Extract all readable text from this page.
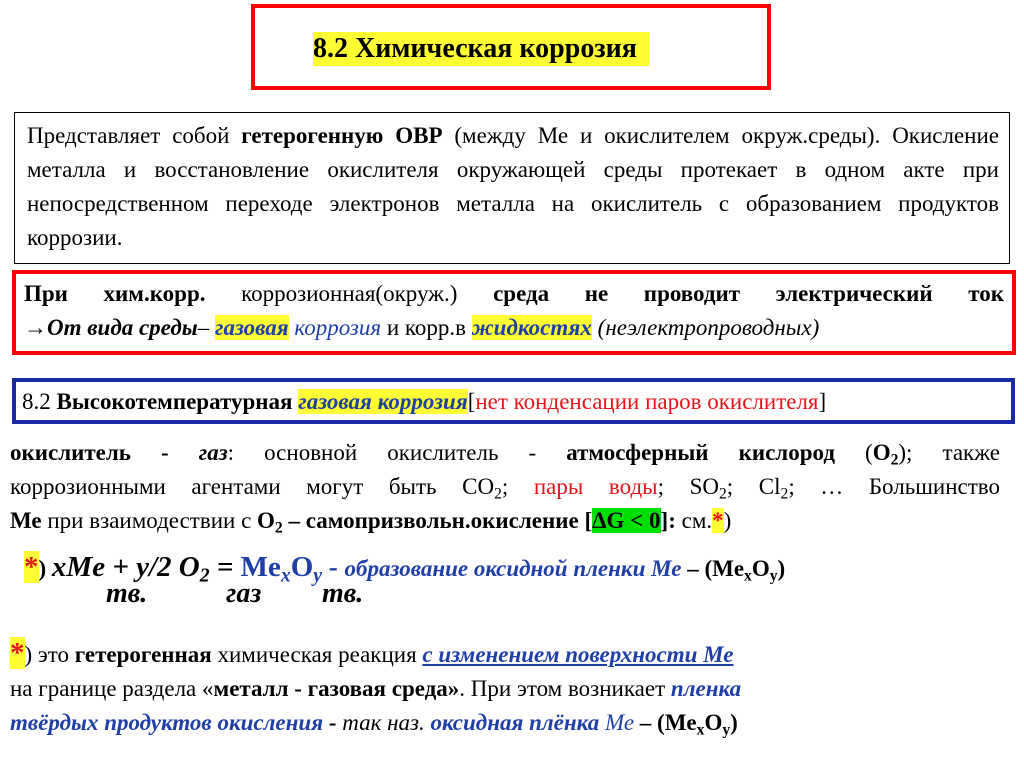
8.2 Химическая коррозия
Представляет собой гетерогенную ОВР (между Ме и окислителем окруж.среды). Окисление металла и восстановление окислителя окружающей среды протекает в одном акте при непосредственном переходе электронов металла на окислитель с образованием продуктов коррозии.
При хим.корр. коррозионная(окруж.) среда не проводит электрический ток
→От вида среды– газовая коррозия и корр.в жидкостях (неэлектропроводных)
8.2 Высокотемпературная газовая коррозия[нет конденсации паров окислителя]
окислитель - газ: основной окислитель - атмосферный кислород $(O_2)$; также
коррозионными агентами могут быть $CO_2$; пары воды; $SO_2$; $Cl_2$; … Большинство
Ме при взаимодествии с $O_2$ – самопризвольн.окисление [ΔG < 0]: см.*)
*) xMe + y/2 $O_2 = Me_xO_y$ - образование оксидной пленки Ме – $(Me_xO_y)$
тв.	газ тв.
*) это гетерогенная химическая реакция с изменением поверхности Ме
на границе раздела «металл - газовая среда». При этом возникает пленка
твёрдых продуктов окисления - так наз. оксидная плёнка Ме – $(Me_xO_y)$
